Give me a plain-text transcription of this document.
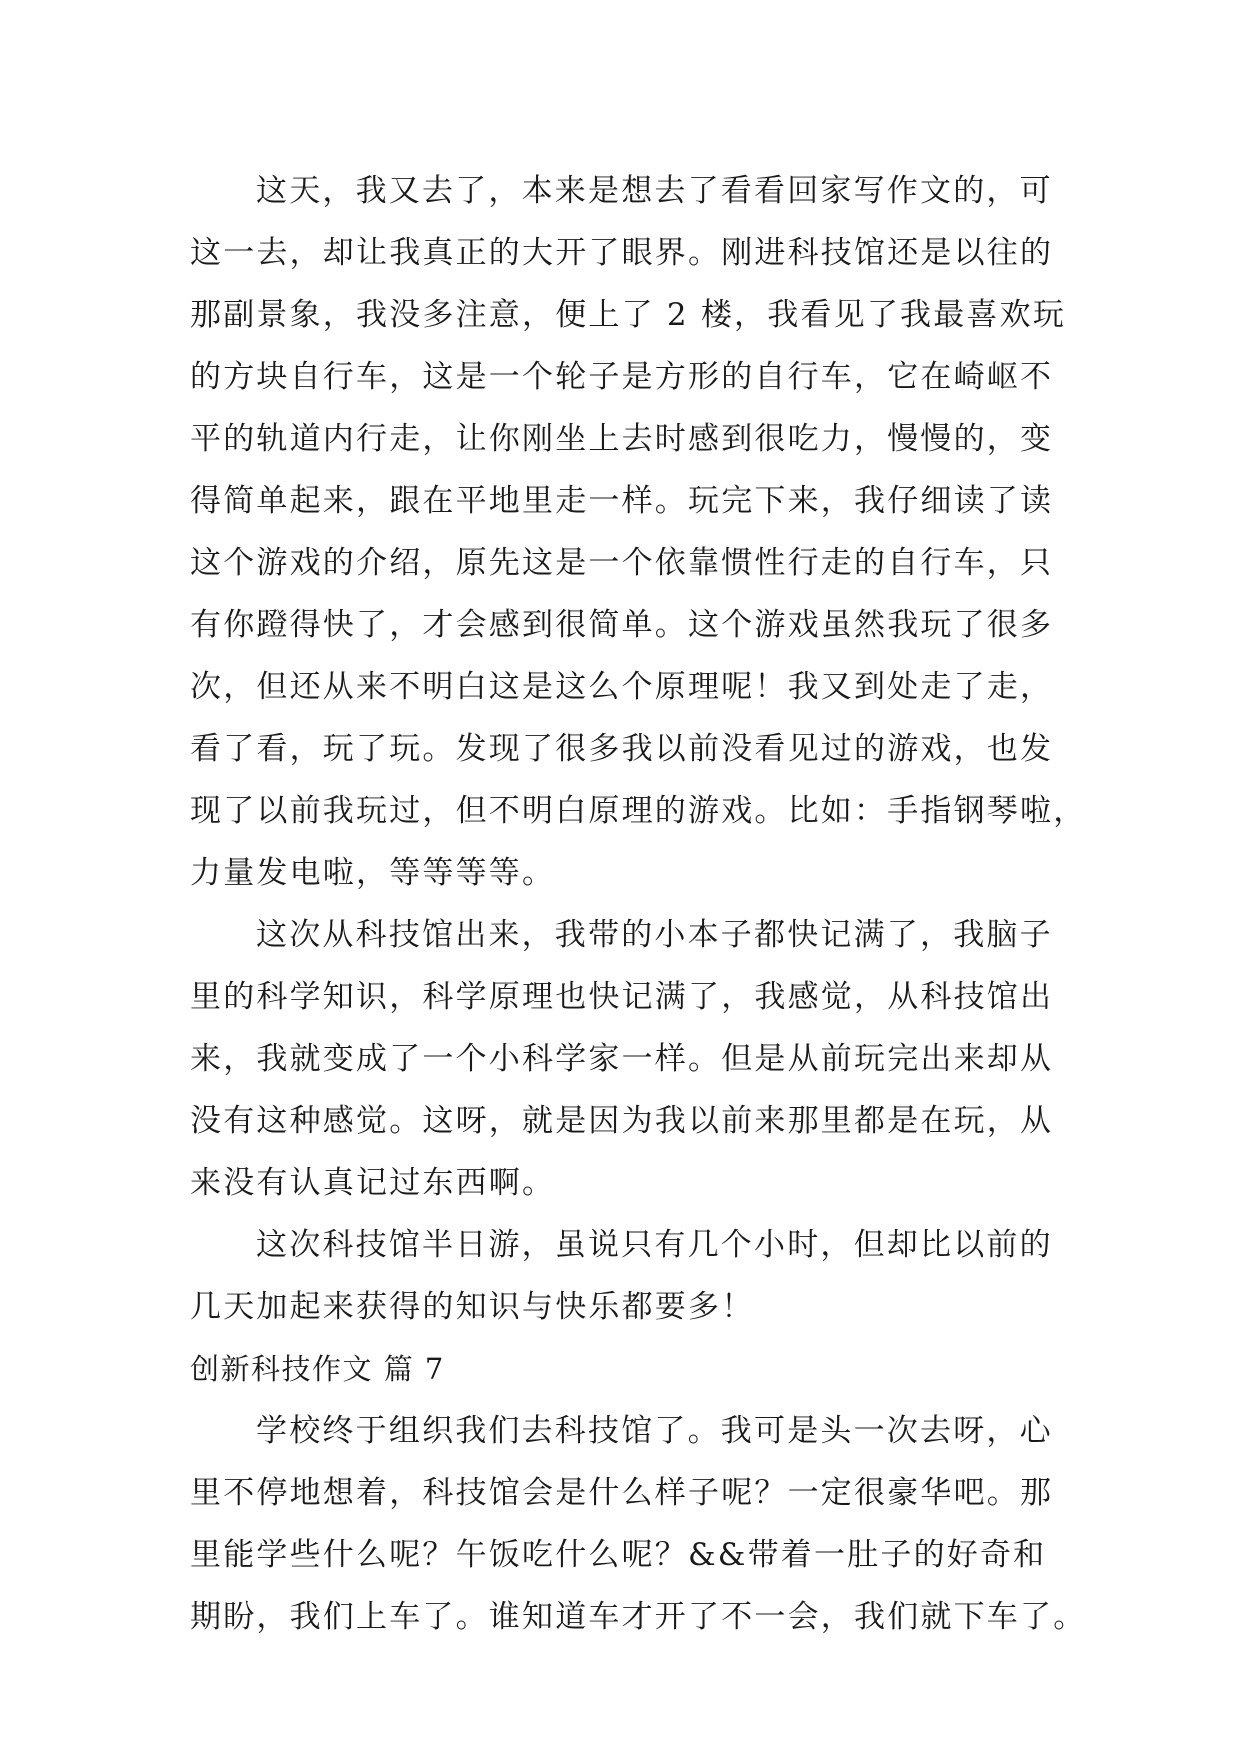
这天，我又去了，本来是想去了看看回家写作文的，可
这一去，却让我真正的大开了眼界。刚进科技馆还是以往的
那副景象，我没多注意，便上了 2 楼，我看见了我最喜欢玩
的方块自行车，这是一个轮子是方形的自行车，它在崎岖不
平的轨道内行走，让你刚坐上去时感到很吃力，慢慢的，变
得简单起来，跟在平地里走一样。玩完下来，我仔细读了读
这个游戏的介绍，原先这是一个依靠惯性行走的自行车，只
有你蹬得快了，才会感到很简单。这个游戏虽然我玩了很多
次，但还从来不明白这是这么个原理呢！我又到处走了走，
看了看，玩了玩。发现了很多我以前没看见过的游戏，也发
现了以前我玩过，但不明白原理的游戏。比如：手指钢琴啦，
力量发电啦，等等等等。
这次从科技馆出来，我带的小本子都快记满了，我脑子
里的科学知识，科学原理也快记满了，我感觉，从科技馆出
来，我就变成了一个小科学家一样。但是从前玩完出来却从
没有这种感觉。这呀，就是因为我以前来那里都是在玩，从
来没有认真记过东西啊。
这次科技馆半日游，虽说只有几个小时，但却比以前的
几天加起来获得的知识与快乐都要多！
创新科技作文 篇 7
学校终于组织我们去科技馆了。我可是头一次去呀，心
里不停地想着，科技馆会是什么样子呢？一定很豪华吧。那
里能学些什么呢？午饭吃什么呢？&&带着一肚子的好奇和
期盼，我们上车了。谁知道车才开了不一会，我们就下车了。
